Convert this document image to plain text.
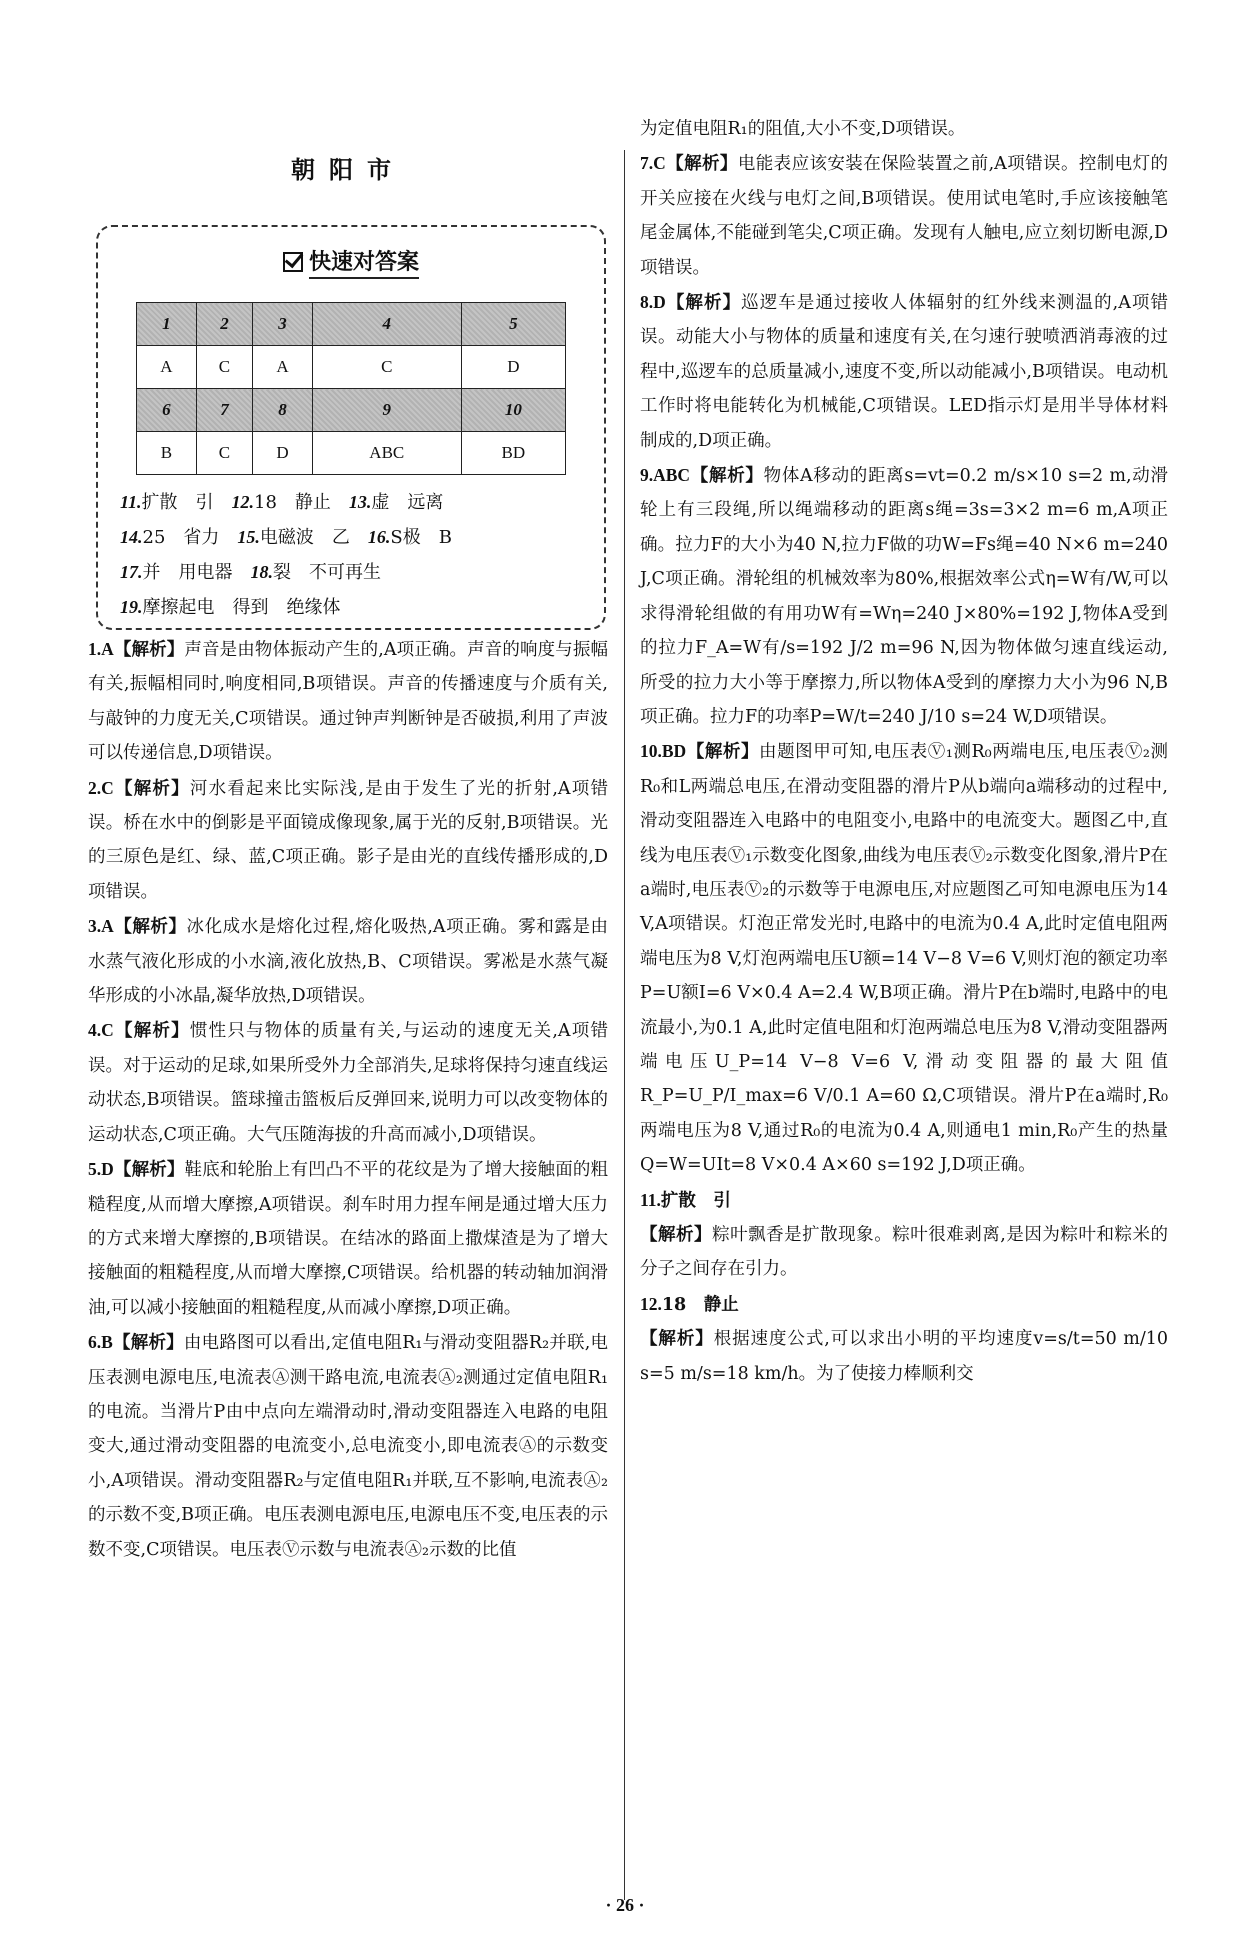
朝阳市
快速对答案
1	2	3	4	5
A	C	A	C	D
6	7	8	9	10
B	C	D	ABC	BD
11.扩散　引　12.18　静止　13.虚　远离
14.25　省力　15.电磁波　乙　16.S极　B
17.并　用电器　18.裂　不可再生
19.摩擦起电　得到　绝缘体

1.A【解析】声音是由物体振动产生的,A项正确。声音的响度与振幅有关,振幅相同时,响度相同,B项错误。声音的传播速度与介质有关,与敲钟的力度无关,C项错误。通过钟声判断钟是否破损,利用了声波可以传递信息,D项错误。

2.C【解析】河水看起来比实际浅,是由于发生了光的折射,A项错误。桥在水中的倒影是平面镜成像现象,属于光的反射,B项错误。光的三原色是红、绿、蓝,C项正确。影子是由光的直线传播形成的,D项错误。

3.A【解析】冰化成水是熔化过程,熔化吸热,A项正确。雾和露是由水蒸气液化形成的小水滴,液化放热,B、C项错误。雾凇是水蒸气凝华形成的小冰晶,凝华放热,D项错误。

4.C【解析】惯性只与物体的质量有关,与运动的速度无关,A项错误。对于运动的足球,如果所受外力全部消失,足球将保持匀速直线运动状态,B项错误。篮球撞击篮板后反弹回来,说明力可以改变物体的运动状态,C项正确。大气压随海拔的升高而减小,D项错误。

5.D【解析】鞋底和轮胎上有凹凸不平的花纹是为了增大接触面的粗糙程度,从而增大摩擦,A项错误。刹车时用力捏车闸是通过增大压力的方式来增大摩擦的,B项错误。在结冰的路面上撒煤渣是为了增大接触面的粗糙程度,从而增大摩擦,C项错误。给机器的转动轴加润滑油,可以减小接触面的粗糙程度,从而减小摩擦,D项正确。

6.B【解析】由电路图可以看出,定值电阻R₁与滑动变阻器R₂并联,电压表测电源电压,电流表Ⓐ测干路电流,电流表Ⓐ₂测通过定值电阻R₁的电流。当滑片P由中点向左端滑动时,滑动变阻器连入电路的电阻变大,通过滑动变阻器的电流变小,总电流变小,即电流表Ⓐ的示数变小,A项错误。滑动变阻器R₂与定值电阻R₁并联,互不影响,电流表Ⓐ₂的示数不变,B项正确。电压表测电源电压,电源电压不变,电压表的示数不变,C项错误。电压表Ⓥ示数与电流表Ⓐ₂示数的比值

为定值电阻R₁的阻值,大小不变,D项错误。

7.C【解析】电能表应该安装在保险装置之前,A项错误。控制电灯的开关应接在火线与电灯之间,B项错误。使用试电笔时,手应该接触笔尾金属体,不能碰到笔尖,C项正确。发现有人触电,应立刻切断电源,D项错误。

8.D【解析】巡逻车是通过接收人体辐射的红外线来测温的,A项错误。动能大小与物体的质量和速度有关,在匀速行驶喷洒消毒液的过程中,巡逻车的总质量减小,速度不变,所以动能减小,B项错误。电动机工作时将电能转化为机械能,C项错误。LED指示灯是用半导体材料制成的,D项正确。

9.ABC【解析】物体A移动的距离s=vt=0.2 m/s×10 s=2 m,动滑轮上有三段绳,所以绳端移动的距离s绳=3s=3×2 m=6 m,A项正确。拉力F的大小为40 N,拉力F做的功W=Fs绳=40 N×6 m=240 J,C项正确。滑轮组的机械效率为80%,根据效率公式η=W有/W,可以求得滑轮组做的有用功W有=Wη=240 J×80%=192 J,物体A受到的拉力F_A=W有/s=192 J/2 m=96 N,因为物体做匀速直线运动,所受的拉力大小等于摩擦力,所以物体A受到的摩擦力大小为96 N,B项正确。拉力F的功率P=W/t=240 J/10 s=24 W,D项错误。

10.BD【解析】由题图甲可知,电压表Ⓥ₁测R₀两端电压,电压表Ⓥ₂测R₀和L两端总电压,在滑动变阻器的滑片P从b端向a端移动的过程中,滑动变阻器连入电路中的电阻变小,电路中的电流变大。题图乙中,直线为电压表Ⓥ₁示数变化图象,曲线为电压表Ⓥ₂示数变化图象,滑片P在a端时,电压表Ⓥ₂的示数等于电源电压,对应题图乙可知电源电压为14 V,A项错误。灯泡正常发光时,电路中的电流为0.4 A,此时定值电阻两端电压为8 V,灯泡两端电压U额=14 V−8 V=6 V,则灯泡的额定功率P=U额I=6 V×0.4 A=2.4 W,B项正确。滑片P在b端时,电路中的电流最小,为0.1 A,此时定值电阻和灯泡两端总电压为8 V,滑动变阻器两端电压U_P=14 V−8 V=6 V,滑动变阻器的最大阻值R_P=U_P/I_max=6 V/0.1 A=60 Ω,C项错误。滑片P在a端时,R₀两端电压为8 V,通过R₀的电流为0.4 A,则通电1 min,R₀产生的热量Q=W=UIt=8 V×0.4 A×60 s=192 J,D项正确。

11.扩散　引

【解析】粽叶飘香是扩散现象。粽叶很难剥离,是因为粽叶和粽米的分子之间存在引力。

12.18　静止

【解析】根据速度公式,可以求出小明的平均速度v=s/t=50 m/10 s=5 m/s=18 km/h。为了使接力棒顺利交

· 26 ·
